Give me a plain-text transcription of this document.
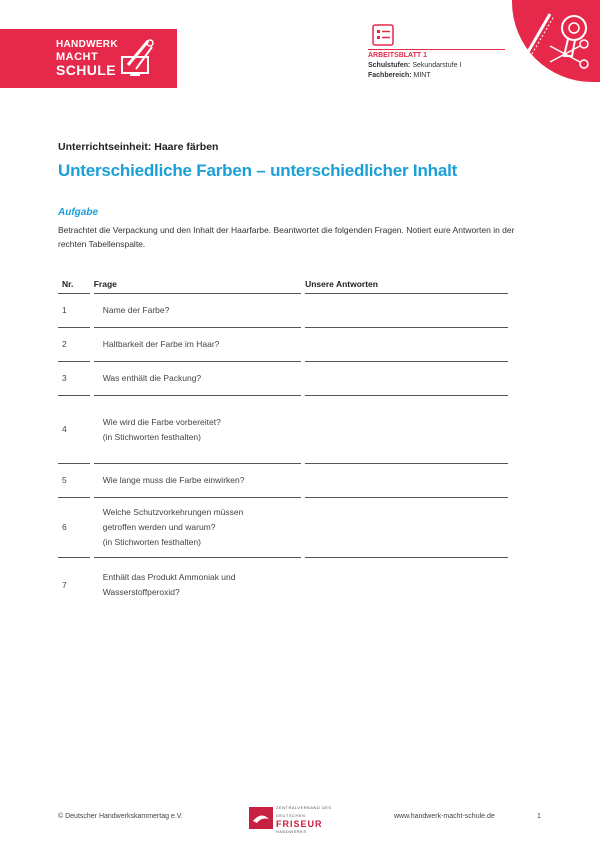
HANDWERK
MACHT
SCHULE
ARBEITSBLATT 1
Schulstufen: Sekundarstufe I
Fachbereich: MINT
Unterrichtseinheit: Haare färben
Unterschiedliche Farben – unterschiedlicher Inhalt
Aufgabe
Betrachtet die Verpackung und den Inhalt der Haarfarbe. Beantwortet die folgenden Fragen. Notiert eure Antworten in der rechten Tabellenspalte.
Nr.		Frage		Unsere Antworten
1		Name der Farbe?		

2		Haltbarkeit der Farbe im Haar?		

3		Was enthält die Packung?		

4		Wie wird die Farbe vorbereitet?
(in Stichworten festhalten)		

5		Wie lange muss die Farbe einwirken?		

6		Welche Schutzvorkehrungen müssen
getroffen werden und warum?
(in Stichworten festhalten)		

7		Enthält das Produkt Ammoniak und
Wasserstoffperoxid?		

© Deutscher Handwerkskammertag e.V.
ZENTRALVERBAND DES DEUTSCHEN
FRISEUR
HANDWERKS
www.handwerk-macht-schule.de	1
